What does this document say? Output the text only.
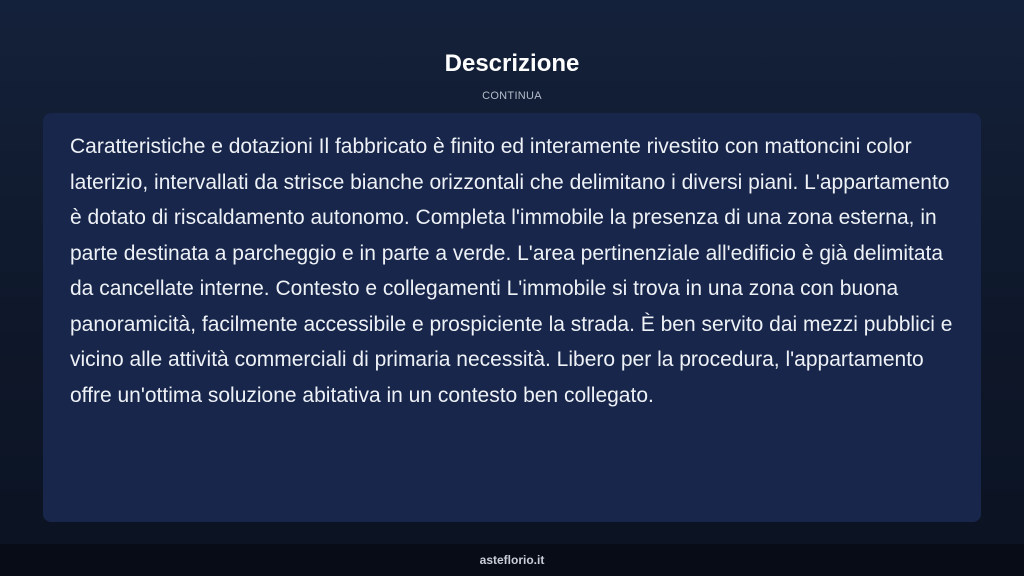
Descrizione
CONTINUA

Caratteristiche e dotazioni Il fabbricato è finito ed interamente rivestito con mattoncini color laterizio, intervallati da strisce bianche orizzontali che delimitano i diversi piani. L'appartamento è dotato di riscaldamento autonomo. Completa l'immobile la presenza di una zona esterna, in parte destinata a parcheggio e in parte a verde. L'area pertinenziale all'edificio è già delimitata da cancellate interne. Contesto e collegamenti L'immobile si trova in una zona con buona panoramicità, facilmente accessibile e prospiciente la strada. È ben servito dai mezzi pubblici e vicino alle attività commerciali di primaria necessità. Libero per la procedura, l'appartamento offre un'ottima soluzione abitativa in un contesto ben collegato.

asteflorio.it
